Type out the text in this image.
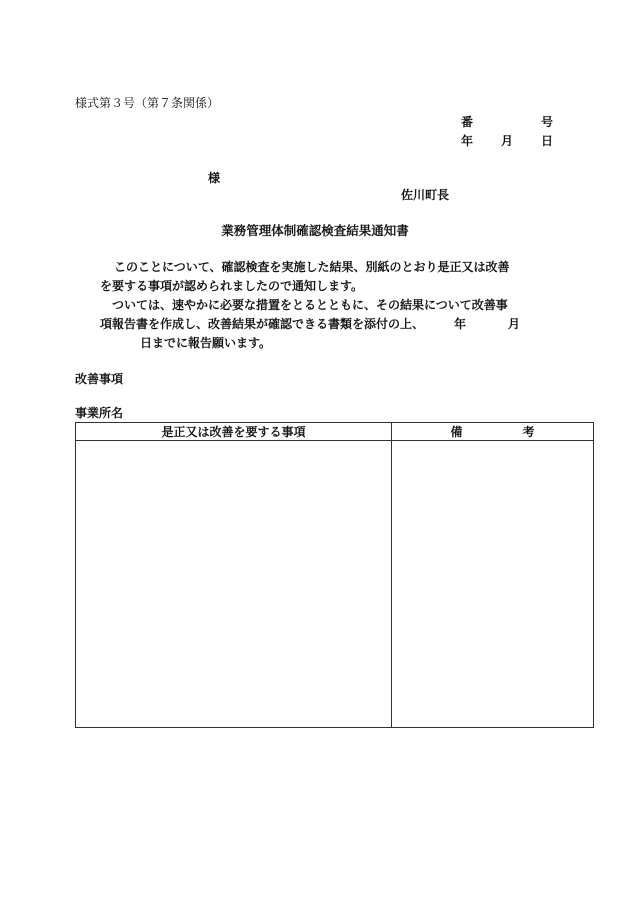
様式第３号（第７条関係）
番	号
年 月 日
様
佐川町長
業務管理体制確認検査結果通知書
このことについて、確認検査を実施した結果、別紙のとおり是正又は改善
を要する事項が認められましたので通知します。
ついては、速やかに必要な措置をとるとともに、その結果について改善事
項報告書を作成し、改善結果が確認できる書類を添付の上、	年	月
日までに報告願います。
改善事項
事業所名
是正又は改善を要する事項	備	考
